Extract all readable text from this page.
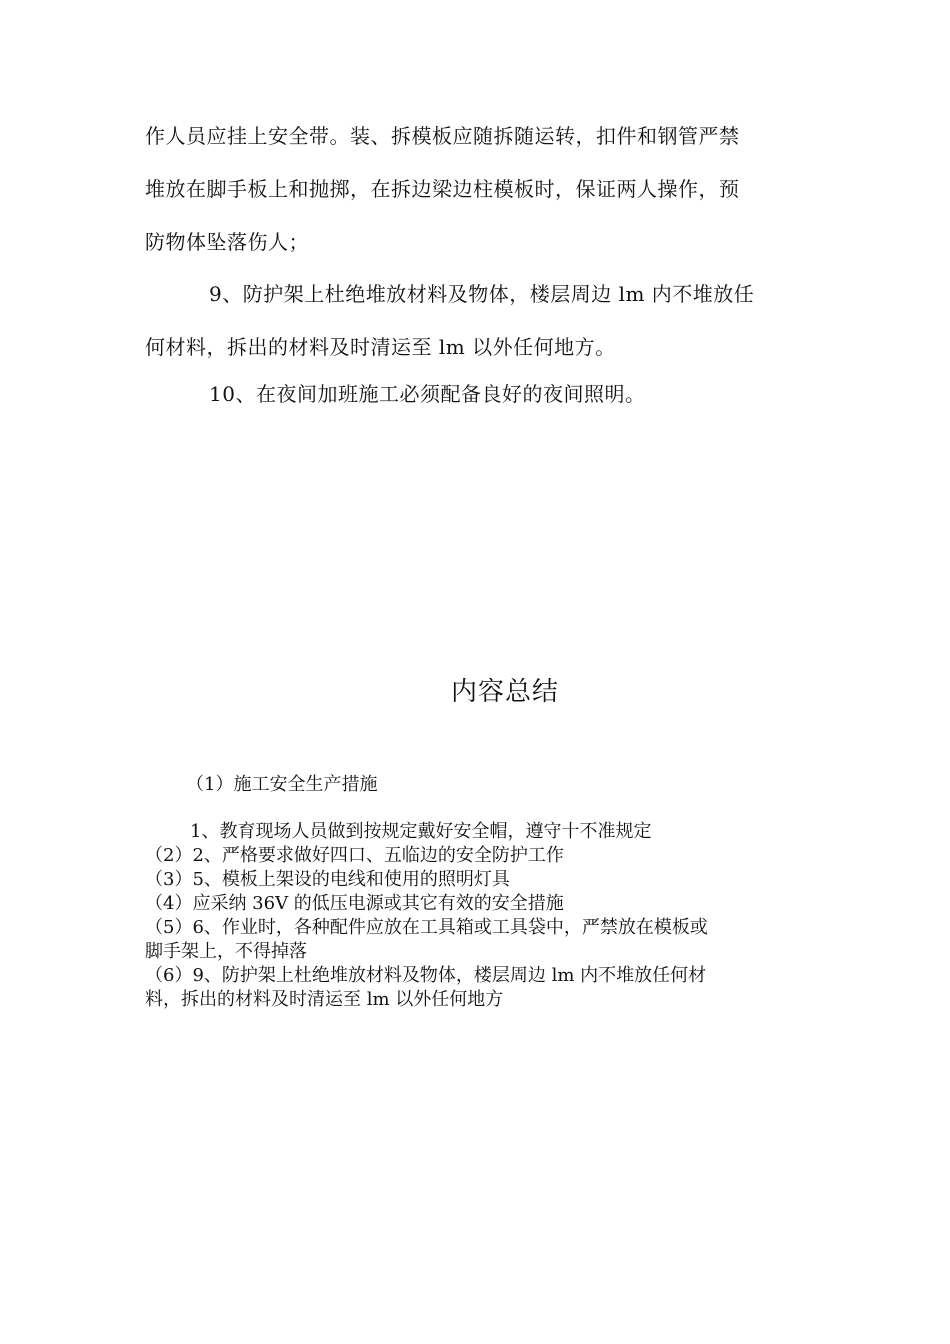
作人员应挂上安全带。装、拆模板应随拆随运转，扣件和钢管严禁
堆放在脚手板上和抛掷，在拆边梁边柱模板时，保证两人操作，预
防物体坠落伤人；
9、防护架上杜绝堆放材料及物体，楼层周边 lm 内不堆放任
何材料，拆出的材料及时清运至 lm 以外任何地方。
10、在夜间加班施工必须配备良好的夜间照明。
内容总结
（1）施工安全生产措施
1、教育现场人员做到按规定戴好安全帽，遵守十不准规定
（2）2、严格要求做好四口、五临边的安全防护工作
（3）5、模板上架设的电线和使用的照明灯具
（4）应采纳 36V 的低压电源或其它有效的安全措施
（5）6、作业时，各种配件应放在工具箱或工具袋中，严禁放在模板或
脚手架上，不得掉落
（6）9、防护架上杜绝堆放材料及物体，楼层周边 lm 内不堆放任何材
料，拆出的材料及时清运至 lm 以外任何地方
